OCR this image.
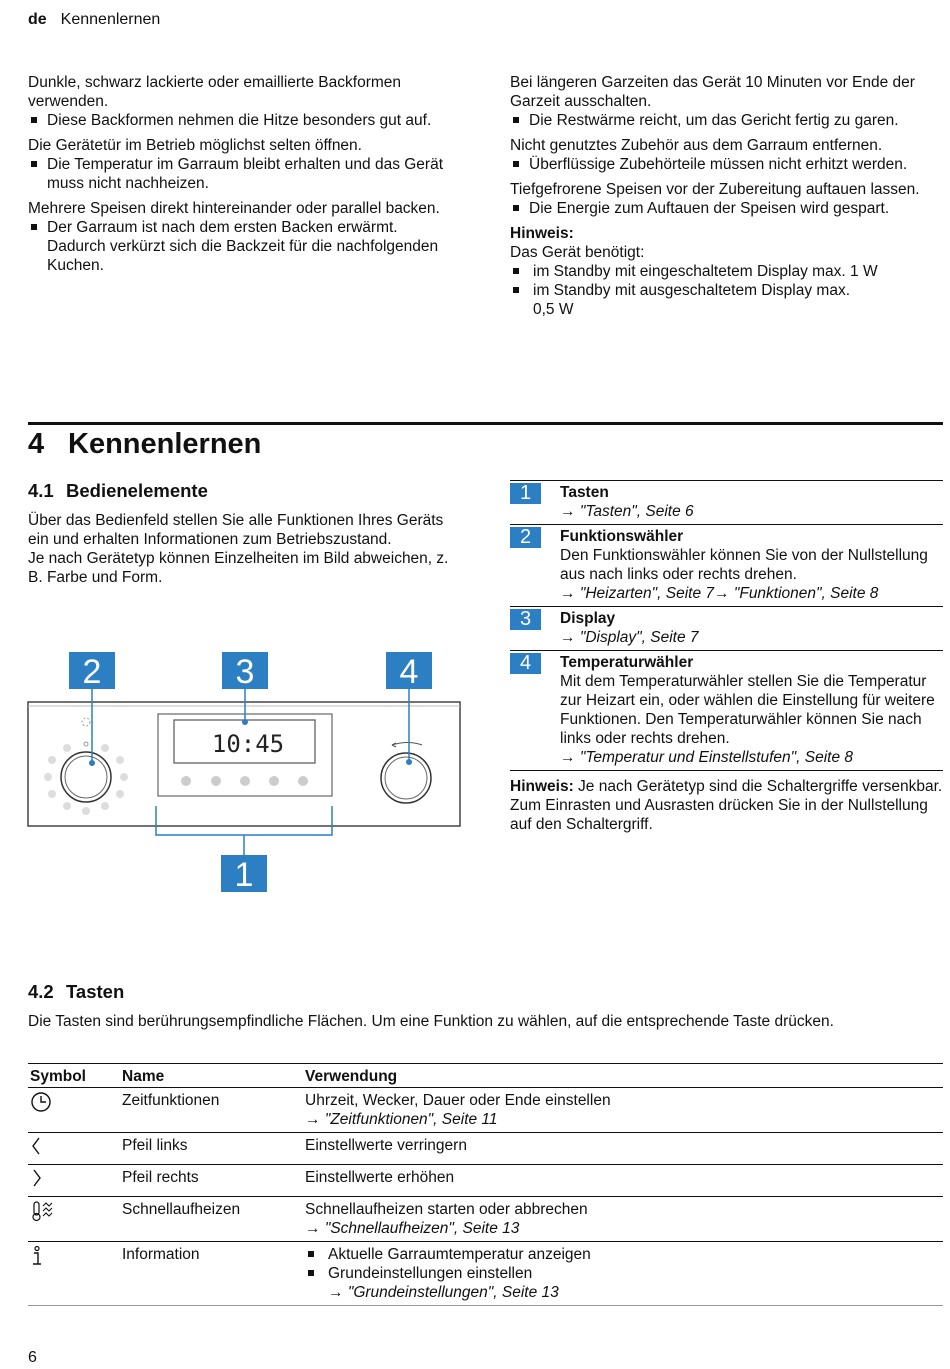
de Kennenlernen
Dunkle, schwarz lackierte oder emaillierte Backformen verwenden.
Diese Backformen nehmen die Hitze besonders gut auf.
Die Gerätetür im Betrieb möglichst selten öffnen.
Die Temperatur im Garraum bleibt erhalten und das Gerät muss nicht nachheizen.
Mehrere Speisen direkt hintereinander oder parallel backen.
Der Garraum ist nach dem ersten Backen erwärmt. Dadurch verkürzt sich die Backzeit für die nachfolgenden Kuchen.
Bei längeren Garzeiten das Gerät 10 Minuten vor Ende der Garzeit ausschalten.
Die Restwärme reicht, um das Gericht fertig zu garen.
Nicht genutztes Zubehör aus dem Garraum entfernen.
Überflüssige Zubehörteile müssen nicht erhitzt werden.
Tiefgefrorene Speisen vor der Zubereitung auftauen lassen.
Die Energie zum Auftauen der Speisen wird gespart.
Hinweis:
Das Gerät benötigt:
im Standby mit eingeschaltetem Display max. 1 W
im Standby mit ausgeschaltetem Display max. 0,5 W
4 Kennenlernen
4.1 Bedienelemente
Über das Bedienfeld stellen Sie alle Funktionen Ihres Geräts ein und erhalten Informationen zum Betriebszustand.
Je nach Gerätetyp können Einzelheiten im Bild abweichen, z. B. Farbe und Form.
10:45
2	3	4
1
1	Tasten
→ "Tasten", Seite 6
2	Funktionswähler
Den Funktionswähler können Sie von der Nullstellung aus nach links oder rechts drehen.
→ "Heizarten", Seite 7→ "Funktionen", Seite 8
3	Display
→ "Display", Seite 7
4	Temperaturwähler
Mit dem Temperaturwähler stellen Sie die Temperatur zur Heizart ein, oder wählen die Einstellung für weitere Funktionen. Den Temperaturwähler können Sie nach links oder rechts drehen.
→ "Temperatur und Einstellstufen", Seite 8
Hinweis: Je nach Gerätetyp sind die Schaltergriffe versenkbar. Zum Einrasten und Ausrasten drücken Sie in der Nullstellung auf den Schaltergriff.
4.2 Tasten
Die Tasten sind berührungsempfindliche Flächen. Um eine Funktion zu wählen, auf die entsprechende Taste drücken.
Symbol	Name	Verwendung
	Zeitfunktionen	Uhrzeit, Wecker, Dauer oder Ende einstellen
→ "Zeitfunktionen", Seite 11

	Pfeil links	Einstellwerte verringern
	Pfeil rechts	Einstellwerte erhöhen
	Schnellaufheizen	Schnellaufheizen starten oder abbrechen
→ "Schnellaufheizen", Seite 13

	Information	Aktuelle Garraumtemperatur anzeigen
Grundeinstellungen einstellen
→ "Grundeinstellungen", Seite 13
6
